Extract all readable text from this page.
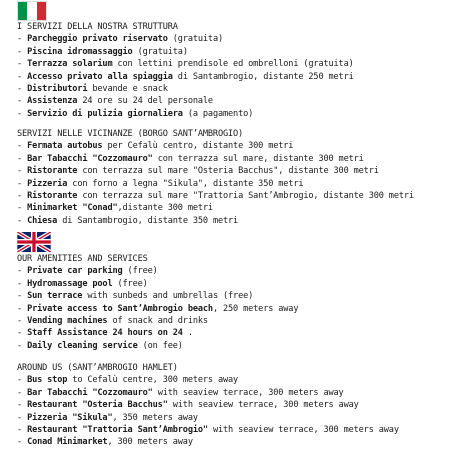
I SERVIZI DELLA NOSTRA STRUTTURA
- Parcheggio privato riservato (gratuita)
- Piscina idromassaggio (gratuita)
- Terrazza solarium con lettini prendisole ed ombrelloni (gratuita)
- Accesso privato alla spiaggia di Santambrogio, distante 250 metri
- Distributori bevande e snack
- Assistenza 24 ore su 24 del personale
- Servizio di pulizia giornaliera (a pagamento)
SERVIZI NELLE VICINANZE (BORGO SANT’AMBROGIO)
- Fermata autobus per Cefalù centro, distante 300 metri
- Bar Tabacchi "Cozzomauro" con terrazza sul mare, distante 300 metri
- Ristorante con terrazza sul mare "Osteria Bacchus", distante 300 metri
- Pizzeria con forno a legna "Sikula", distante 350 metri
- Ristorante con terrazza sul mare "Trattoria Sant’Ambrogio, distante 300 metri
- Minimarket "Conad",distante 300 metri
- Chiesa di Santambrogio, distante 350 metri
OUR AMENITIES AND SERVICES
- Private car parking (free)
- Hydromassage pool (free)
- Sun terrace with sunbeds and umbrellas (free)
- Private access to Sant’Ambrogio beach, 250 meters away
- Vending machines of snack and drinks
- Staff Assistance 24 hours on 24 .
- Daily cleaning service (on fee)
AROUND US (SANT’AMBROGIO HAMLET)
- Bus stop to Cefalù centre, 300 meters away
- Bar Tabacchi "Cozzomauro" with seaview terrace, 300 meters away
- Restaurant "Osteria Bacchus" with seaview terrace, 300 meters away
- Pizzeria "Sikula", 350 meters away
- Restaurant "Trattoria Sant’Ambrogio" with seaview terrace, 300 meters away
- Conad Minimarket, 300 meters away
